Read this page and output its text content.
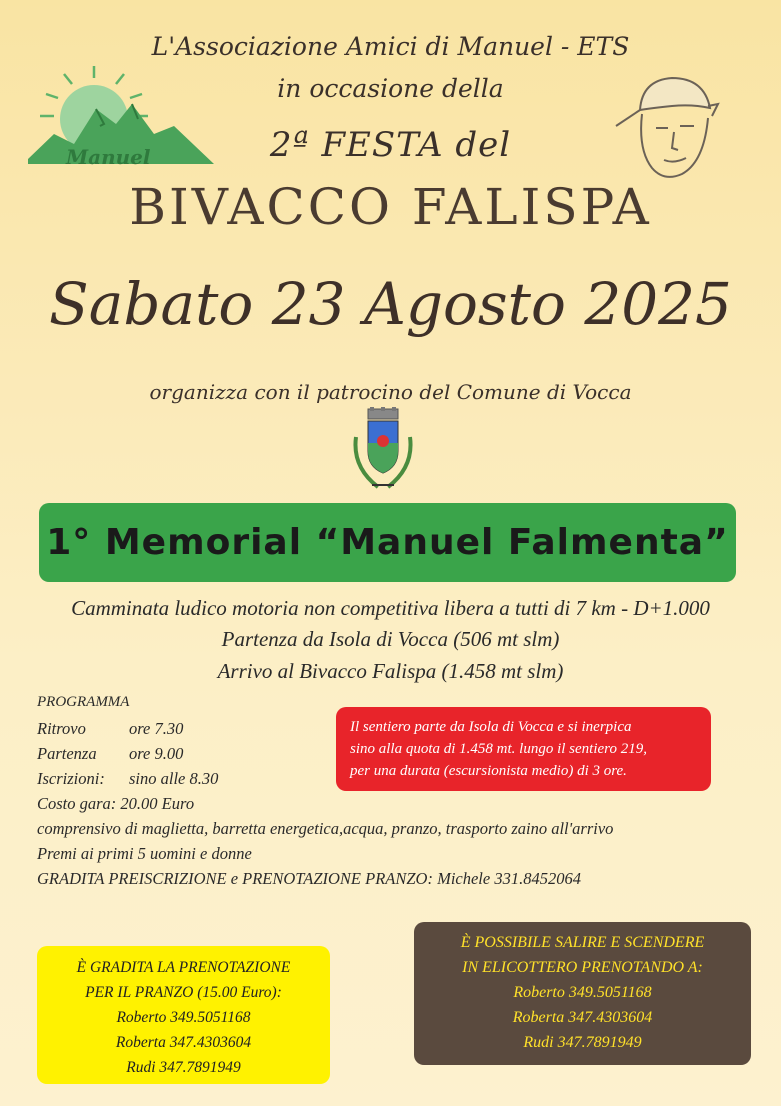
Manuel
L'Associazione Amici di Manuel - ETS
in occasione della
2ª FESTA del
BIVACCO FALISPA
Sabato 23 Agosto 2025
organizza con il patrocino del Comune di Vocca
1° Memorial “Manuel Falmenta”
Camminata ludico motoria non competitiva libera a tutti di 7 km - D+1.000
Partenza da Isola di Vocca (506 mt slm)
Arrivo al Bivacco Falispa (1.458 mt slm)
PROGRAMMA
Ritrovo	ore 7.30
Partenza	ore 9.00
Iscrizioni:	sino alle 8.30
Costo gara: 20.00 Euro
comprensivo di maglietta, barretta energetica,acqua, pranzo, trasporto zaino all'arrivo
Premi ai primi 5 uomini e donne
GRADITA PREISCRIZIONE e PRENOTAZIONE PRANZO: Michele 331.8452064
Il sentiero parte da Isola di Vocca e si inerpica
sino alla quota di 1.458 mt. lungo il sentiero 219,
per una durata (escursionista medio) di 3 ore.
È GRADITA LA PRENOTAZIONE
PER IL PRANZO (15.00 Euro):
Roberto 349.5051168
Roberta 347.4303604
Rudi 347.7891949
È POSSIBILE SALIRE E SCENDERE
IN ELICOTTERO PRENOTANDO A:
Roberto 349.5051168
Roberta 347.4303604
Rudi 347.7891949
